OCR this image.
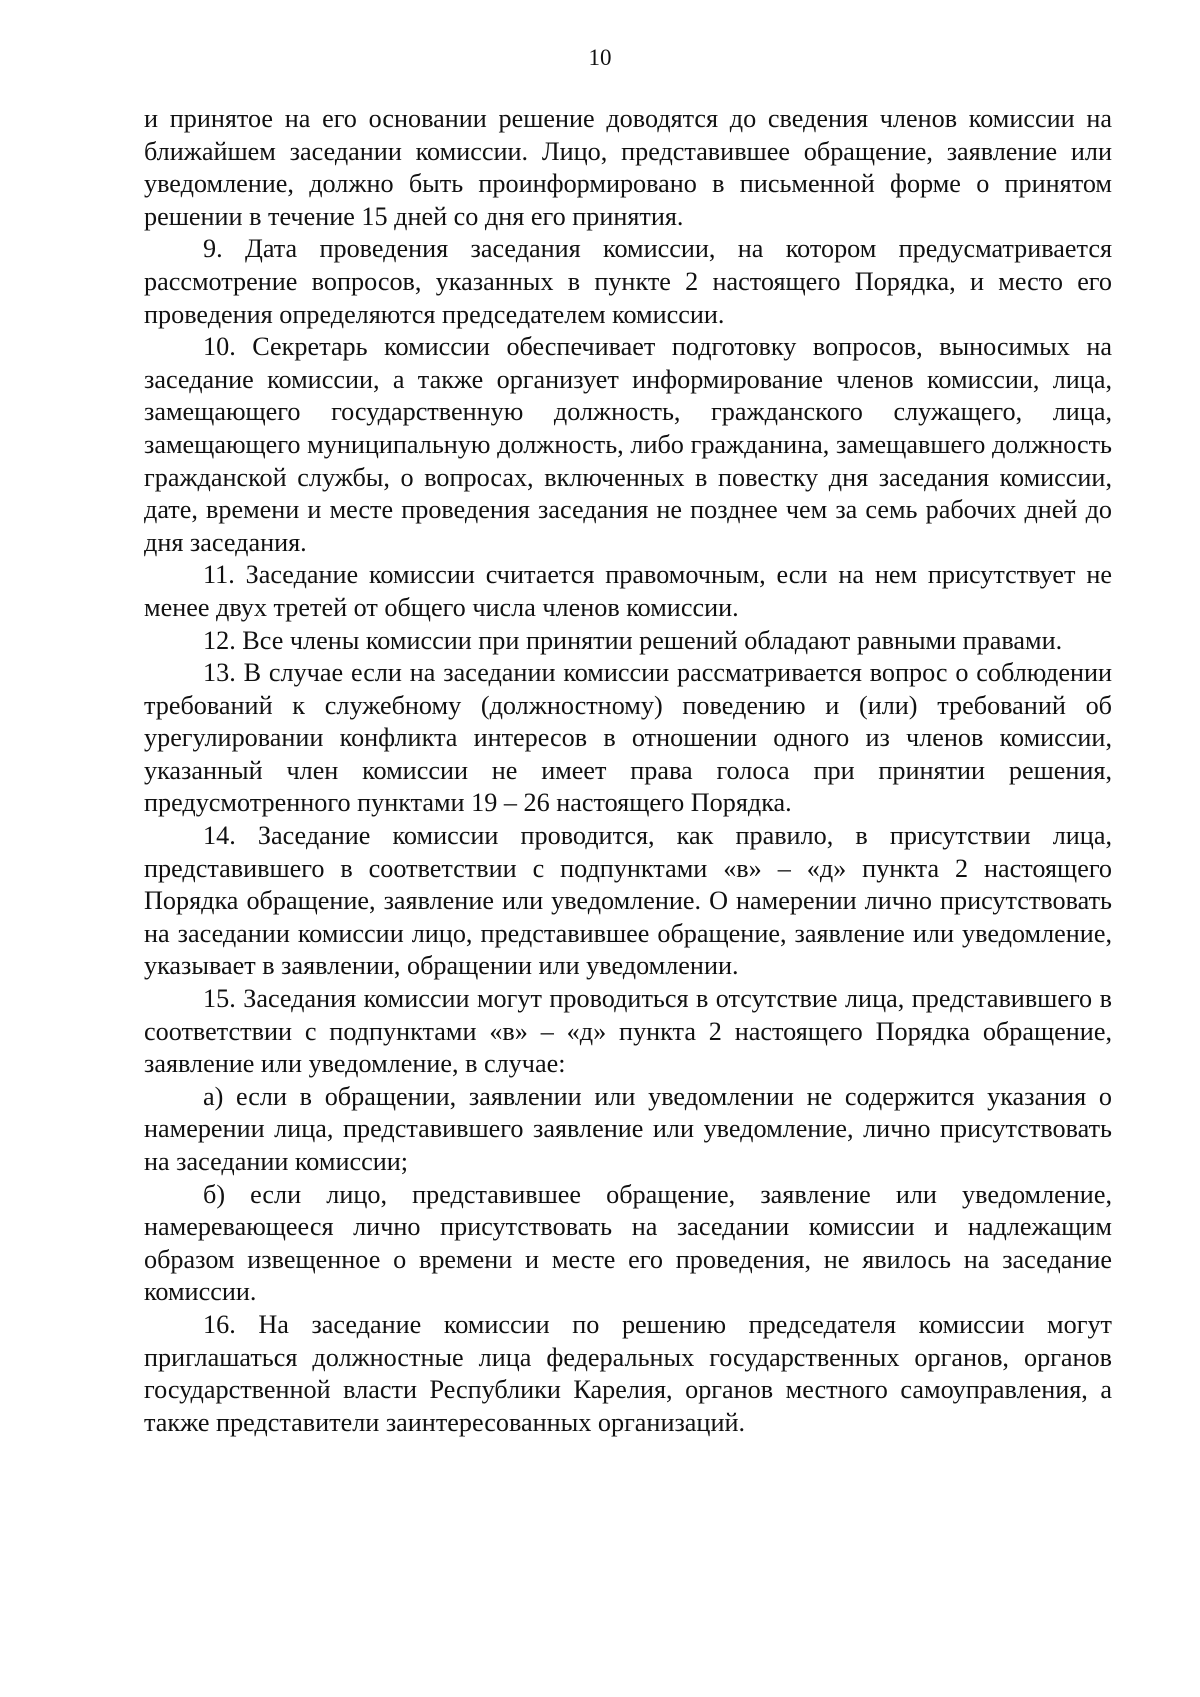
10

и принятое на его основании решение доводятся до сведения членов комиссии на ближайшем заседании комиссии. Лицо, представившее обращение, заявление или уведомление, должно быть проинформировано в письменной форме о принятом решении в течение 15 дней со дня его принятия.

9. Дата проведения заседания комиссии, на котором предусматривается рассмотрение вопросов, указанных в пункте 2 настоящего Порядка, и место его проведения определяются председателем комиссии.

10. Секретарь комиссии обеспечивает подготовку вопросов, выносимых на заседание комиссии, а также организует информирование членов комиссии, лица, замещающего государственную должность, гражданского служащего, лица, замещающего муниципальную должность, либо гражданина, замещавшего должность гражданской службы, о вопросах, включенных в повестку дня заседания комиссии, дате, времени и месте проведения заседания не позднее чем за семь рабочих дней до дня заседания.

11. Заседание комиссии считается правомочным, если на нем присутствует не менее двух третей от общего числа членов комиссии.

12. Все члены комиссии при принятии решений обладают равными правами.

13. В случае если на заседании комиссии рассматривается вопрос о соблюдении требований к служебному (должностному) поведению и (или) требований об урегулировании конфликта интересов в отношении одного из членов комиссии, указанный член комиссии не имеет права голоса при принятии решения, предусмотренного пунктами 19 – 26 настоящего Порядка.

14. Заседание комиссии проводится, как правило, в присутствии лица, представившего в соответствии с подпунктами «в» – «д» пункта 2 настоящего Порядка обращение, заявление или уведомление. О намерении лично присутствовать на заседании комиссии лицо, представившее обращение, заявление или уведомление, указывает в заявлении, обращении или уведомлении.

15. Заседания комиссии могут проводиться в отсутствие лица, представившего в соответствии с подпунктами «в» – «д» пункта 2 настоящего Порядка обращение, заявление или уведомление, в случае:

а) если в обращении, заявлении или уведомлении не содержится указания о намерении лица, представившего заявление или уведомление, лично присутствовать на заседании комиссии;

б) если лицо, представившее обращение, заявление или уведомление, намеревающееся лично присутствовать на заседании комиссии и надлежащим образом извещенное о времени и месте его проведения, не явилось на заседание комиссии.

16. На заседание комиссии по решению председателя комиссии могут приглашаться должностные лица федеральных государственных органов, органов государственной власти Республики Карелия, органов местного самоуправления, а также представители заинтересованных организаций.
